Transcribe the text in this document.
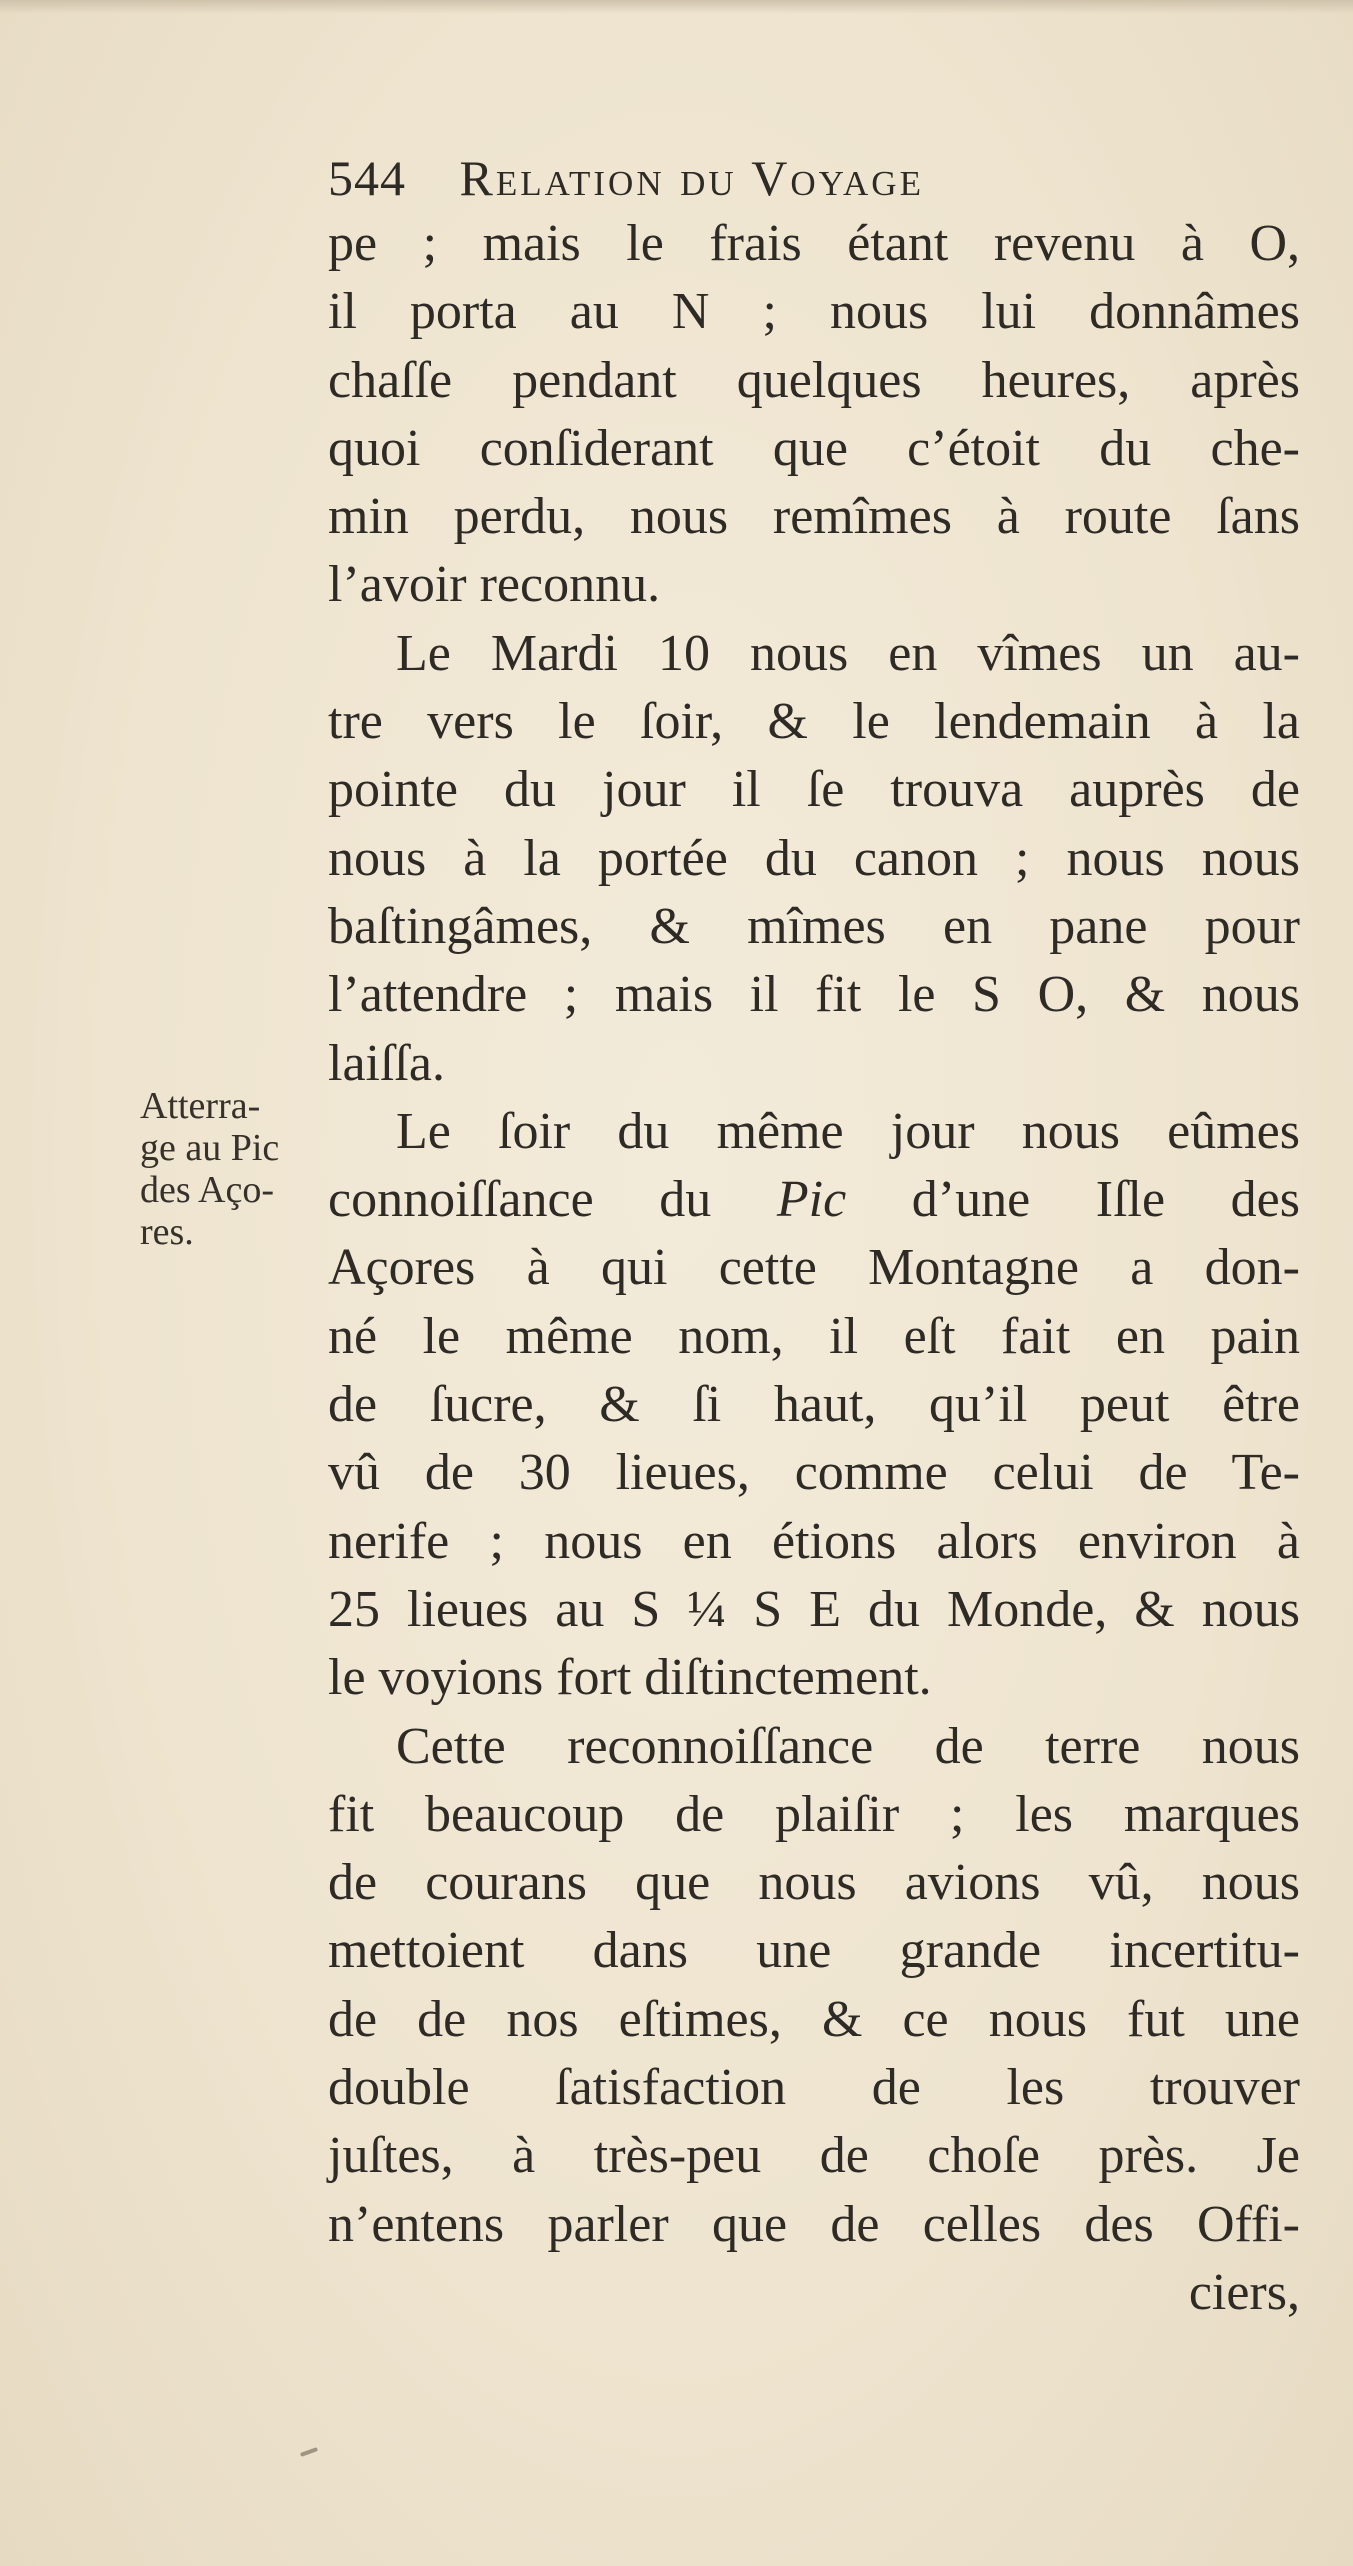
544 Relation du Voyage
Atterra-
ge au Pic
des Aço-
res.
pe ; mais le frais étant revenu à O,
il porta au N ; nous lui donnâmes
chaſſe pendant quelques heures, après
quoi conſiderant que c’étoit du che-
min perdu, nous remîmes à route ſans
l’avoir reconnu.
Le Mardi 10 nous en vîmes un au-
tre vers le ſoir, & le lendemain à la
pointe du jour il ſe trouva auprès de
nous à la portée du canon ; nous nous
baſtingâmes, & mîmes en pane pour
l’attendre ; mais il fit le S O, & nous
laiſſa.
Le ſoir du même jour nous eûmes
connoiſſance du Pic d’une Iſle des
Açores à qui cette Montagne a don-
né le même nom, il eſt fait en pain
de ſucre, & ſi haut, qu’il peut être
vû de 30 lieues, comme celui de Te-
nerife ; nous en étions alors environ à
25 lieues au S ¼ S E du Monde, & nous
le voyions fort diſtinctement.
Cette reconnoiſſance de terre nous
fit beaucoup de plaiſir ; les marques
de courans que nous avions vû, nous
mettoient dans une grande incertitu-
de de nos eſtimes, & ce nous fut une
double ſatisfaction de les trouver
juſtes, à très-peu de choſe près. Je
n’entens parler que de celles des Offi-
ciers,
